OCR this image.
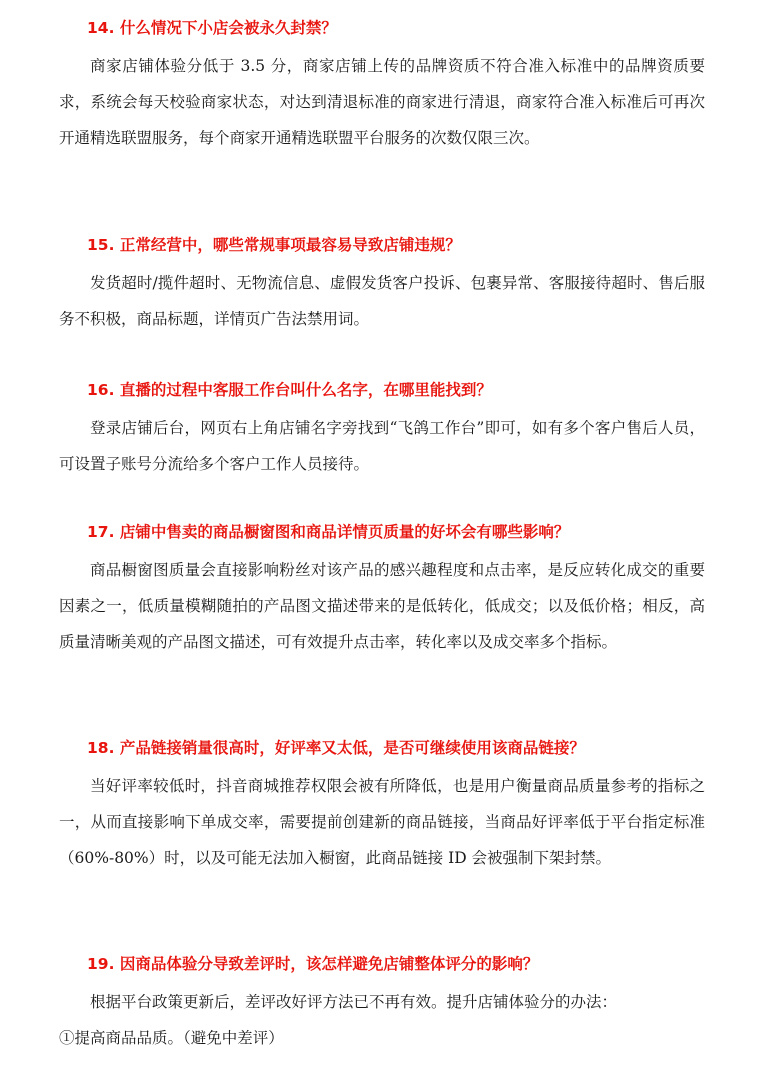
14. 什么情况下小店会被永久封禁？

商家店铺体验分低于 3.5 分，商家店铺上传的品牌资质不符合准入标准中的品牌资质要求，系统会每天校验商家状态，对达到清退标准的商家进行清退，商家符合准入标准后可再次开通精选联盟服务，每个商家开通精选联盟平台服务的次数仅限三次。

15. 正常经营中，哪些常规事项最容易导致店铺违规？

发货超时/揽件超时、无物流信息、虚假发货客户投诉、包裹异常、客服接待超时、售后服务不积极，商品标题，详情页广告法禁用词。

16. 直播的过程中客服工作台叫什么名字，在哪里能找到？

登录店铺后台，网页右上角店铺名字旁找到“飞鸽工作台”即可，如有多个客户售后人员，可设置子账号分流给多个客户工作人员接待。

17. 店铺中售卖的商品橱窗图和商品详情页质量的好坏会有哪些影响？

商品橱窗图质量会直接影响粉丝对该产品的感兴趣程度和点击率，是反应转化成交的重要因素之一，低质量模糊随拍的产品图文描述带来的是低转化，低成交；以及低价格；相反，高质量清晰美观的产品图文描述，可有效提升点击率，转化率以及成交率多个指标。

18. 产品链接销量很高时，好评率又太低，是否可继续使用该商品链接？

当好评率较低时，抖音商城推荐权限会被有所降低，也是用户衡量商品质量参考的指标之一，从而直接影响下单成交率，需要提前创建新的商品链接，当商品好评率低于平台指定标准（60%-80%）时，以及可能无法加入橱窗，此商品链接 ID 会被强制下架封禁。

19. 因商品体验分导致差评时，该怎样避免店铺整体评分的影响？

根据平台政策更新后，差评改好评方法已不再有效。提升店铺体验分的办法：

①提高商品品质。（避免中差评）
